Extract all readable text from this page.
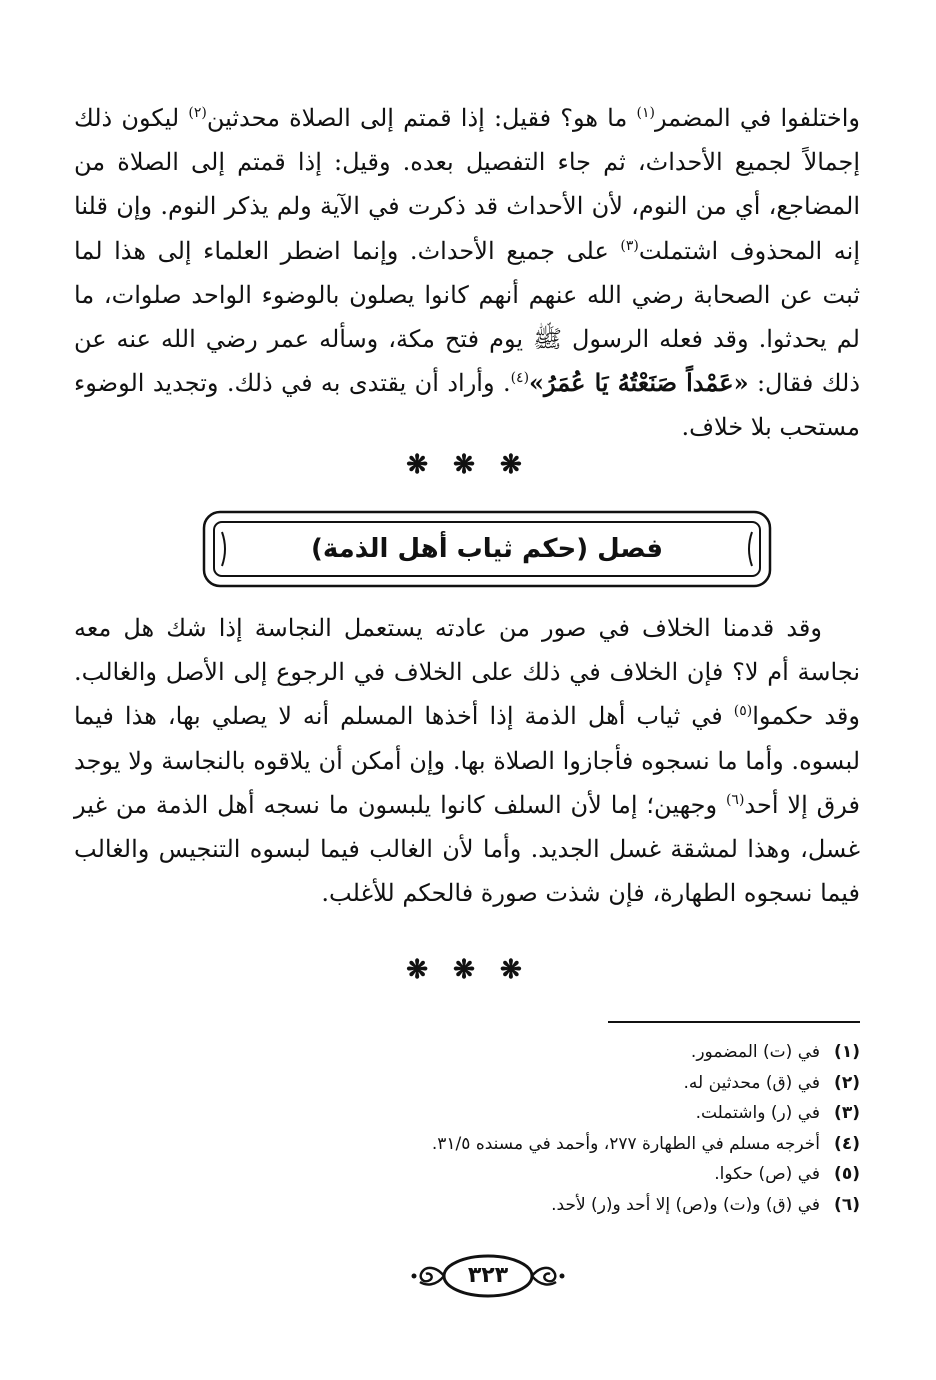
واختلفوا في المضمر$^{(١)}$ ما هو؟ فقيل: إذا قمتم إلى الصلاة محدثين$^{(٢)}$ ليكون ذلك إجمالاً لجميع الأحداث، ثم جاء التفصيل بعده. وقيل: إذا قمتم إلى الصلاة من المضاجع، أي من النوم، لأن الأحداث قد ذكرت في الآية ولم يذكر النوم. وإن قلنا إنه المحذوف اشتملت$^{(٣)}$ على جميع الأحداث. وإنما اضطر العلماء إلى هذا لما ثبت عن الصحابة رضي الله عنهم أنهم كانوا يصلون بالوضوء الواحد صلوات، ما لم يحدثوا. وقد فعله الرسول ﷺ يوم فتح مكة، وسأله عمر رضي الله عنه عن ذلك فقال: «عَمْداً صَنَعْتُهُ يَا عُمَرُ»$^{(٤)}$. وأراد أن يقتدى به في ذلك. وتجديد الوضوء مستحب بلا خلاف.

❋ ❋ ❋
فصل (حكم ثياب أهل الذمة)

وقد قدمنا الخلاف في صور من عادته يستعمل النجاسة إذا شك هل معه نجاسة أم لا؟ فإن الخلاف في ذلك على الخلاف في الرجوع إلى الأصل والغالب. وقد حكموا$^{(٥)}$ في ثياب أهل الذمة إذا أخذها المسلم أنه لا يصلي بها، هذا فيما لبسوه. وأما ما نسجوه فأجازوا الصلاة بها. وإن أمكن أن يلاقوه بالنجاسة ولا يوجد فرق إلا أحد$^{(٦)}$ وجهين؛ إما لأن السلف كانوا يلبسون ما نسجه أهل الذمة من غير غسل، وهذا لمشقة غسل الجديد. وأما لأن الغالب فيما لبسوه التنجيس والغالب فيما نسجوه الطهارة، فإن شذت صورة فالحكم للأغلب.

❋ ❋ ❋
(١)في (ت) المضمور.
(٢)في (ق) محدثين له.
(٣)في (ر) واشتملت.
(٤)أخرجه مسلم في الطهارة ٢٧٧، وأحمد في مسنده ٣١/٥.
(٥)في (ص) حكوا.
(٦)في (ق) و(ت) و(ص) إلا أحد و(ر) لأحد.
٣٢٣
